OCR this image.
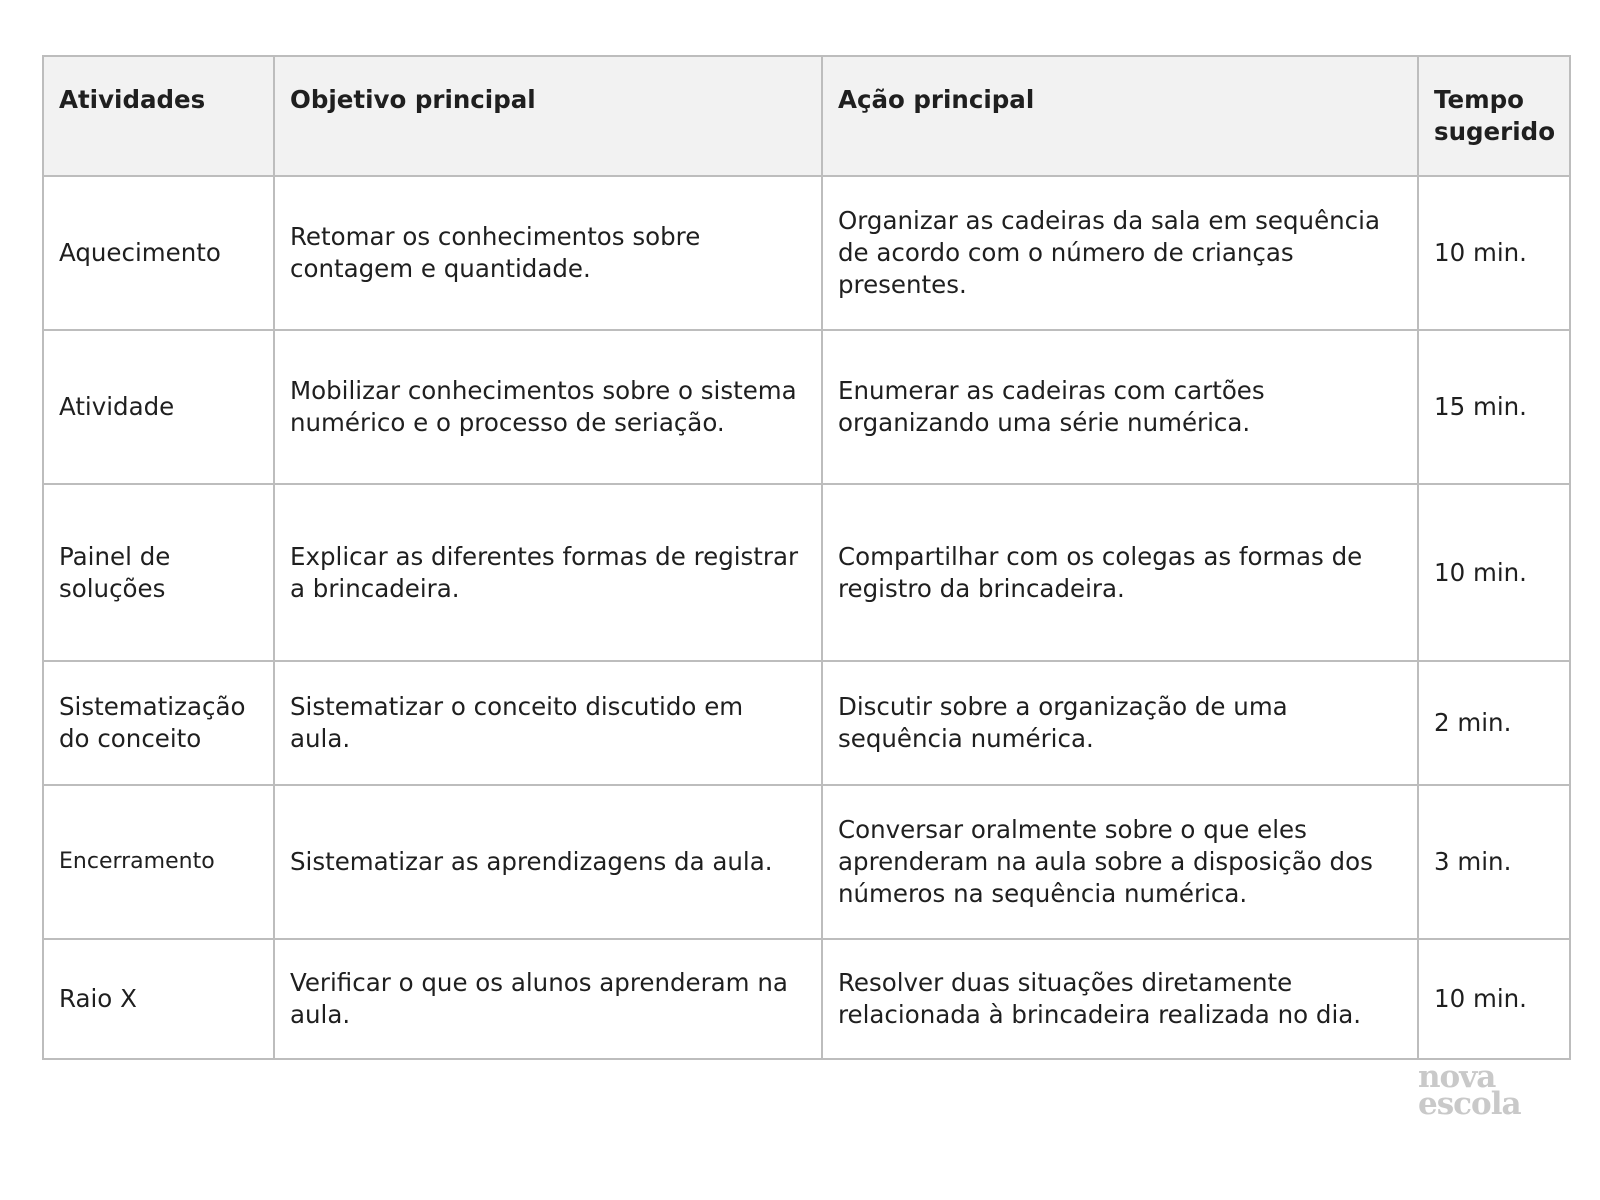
Atividades	Objetivo principal	Ação principal	Tempo sugerido
Aquecimento	Retomar os conhecimentos sobre contagem e quantidade.	Organizar as cadeiras da sala em sequência de acordo com o número de crianças presentes.	10 min.
Atividade	Mobilizar conhecimentos sobre o sistema numérico e o processo de seriação.	Enumerar as cadeiras com cartões organizando uma série numérica.	15 min.
Painel de soluções	Explicar as diferentes formas de registrar a brincadeira.	Compartilhar com os colegas as formas de registro da brincadeira.	10 min.
Sistematização do conceito	Sistematizar o conceito discutido em aula.	Discutir sobre a organização de uma sequência numérica.	2 min.
Encerramento	Sistematizar as aprendizagens da aula.	Conversar oralmente sobre o que eles aprenderam na aula sobre a disposição dos números na sequência numérica.	3 min.
Raio X	Verificar o que os alunos aprenderam na aula.	Resolver duas situações diretamente relacionada à brincadeira realizada no dia.	10 min.
nova
escola
